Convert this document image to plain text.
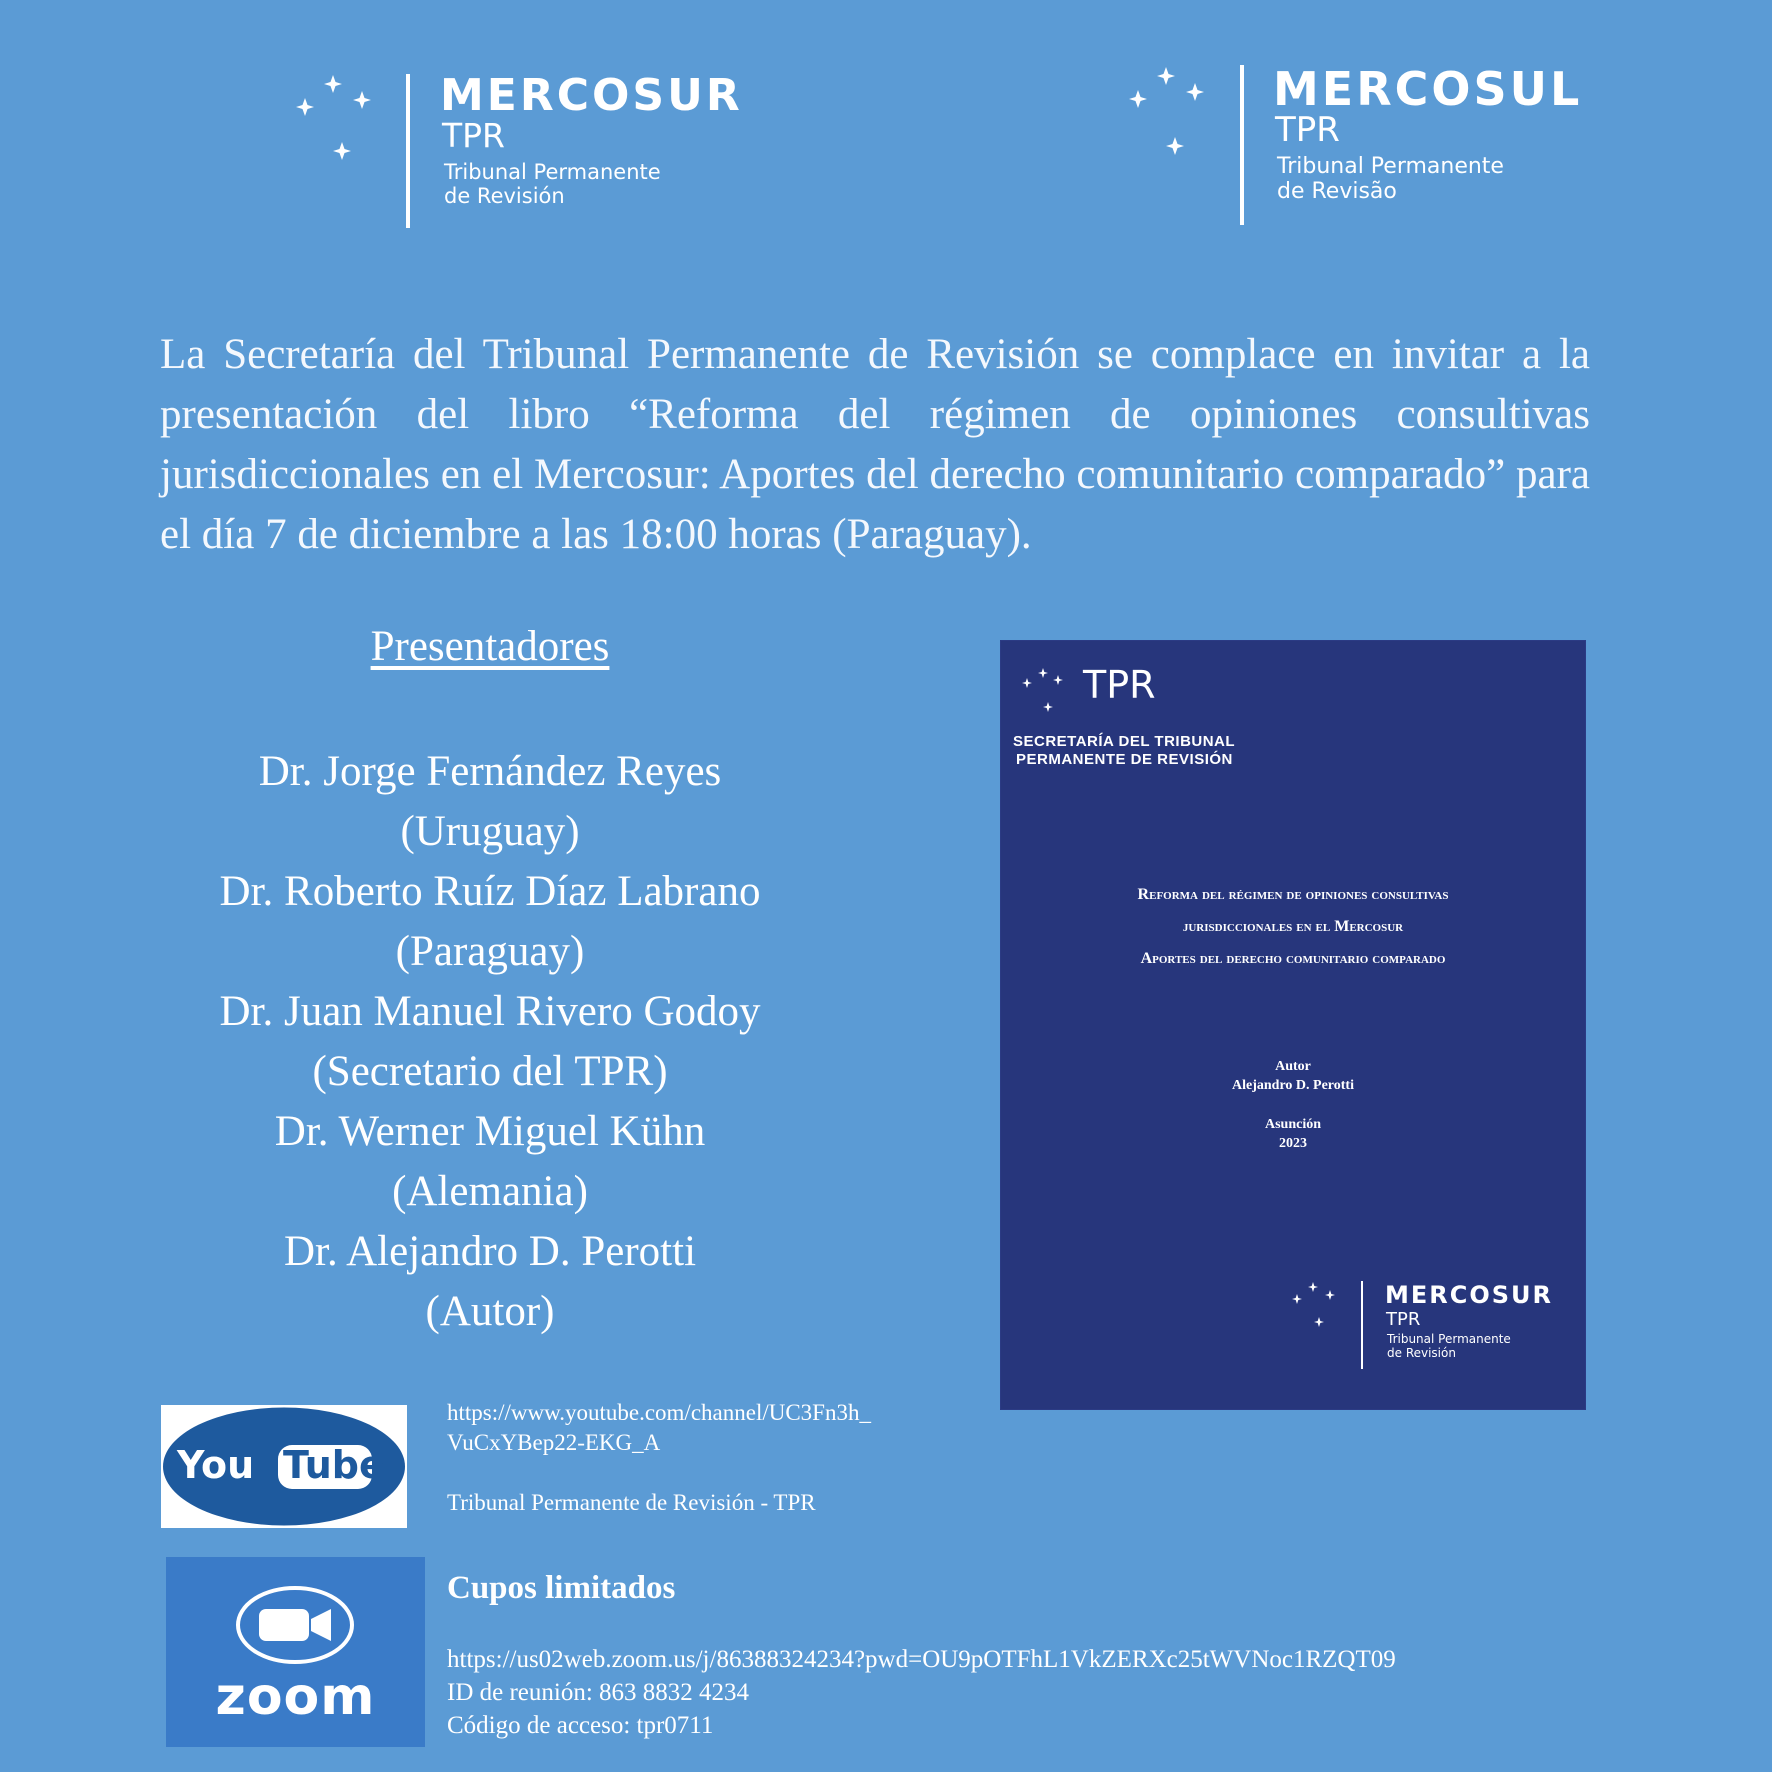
MERCOSUR
TPR
Tribunal Permanente
de Revisión
MERCOSUL
TPR
Tribunal Permanente
de Revisão

La Secretaría del Tribunal Permanente de Revisión se complace en invitar a la presentación del libro “Reforma del régimen de opiniones consultivas jurisdiccionales en el Mercosur: Aportes del derecho comunitario comparado” para el día 7 de diciembre a las 18:00 horas (Paraguay).

Presentadores
Dr. Jorge Fernández Reyes
(Uruguay)
Dr. Roberto Ruíz Díaz Labrano
(Paraguay)
Dr. Juan Manuel Rivero Godoy
(Secretario del TPR)
Dr. Werner Miguel Kühn
(Alemania)
Dr. Alejandro D. Perotti
(Autor)
TPR
SECRETARÍA DEL TRIBUNAL
PERMANENTE DE REVISIÓN
Reforma del régimen de opiniones consultivas
jurisdiccionales en el Mercosur
Aportes del derecho comunitario comparado
Autor
Alejandro D. Perotti
Asunción
2023
MERCOSUR
TPR
Tribunal Permanente
de Revisión
You Tube
https://www.youtube.com/channel/UC3Fn3h_
VuCxYBep22-EKG_A
Tribunal Permanente de Revisión - TPR
zoom
Cupos limitados
https://us02web.zoom.us/j/86388324234?pwd=OU9pOTFhL1VkZERXc25tWVNoc1RZQT09
ID de reunión: 863 8832 4234
Código de acceso: tpr0711
